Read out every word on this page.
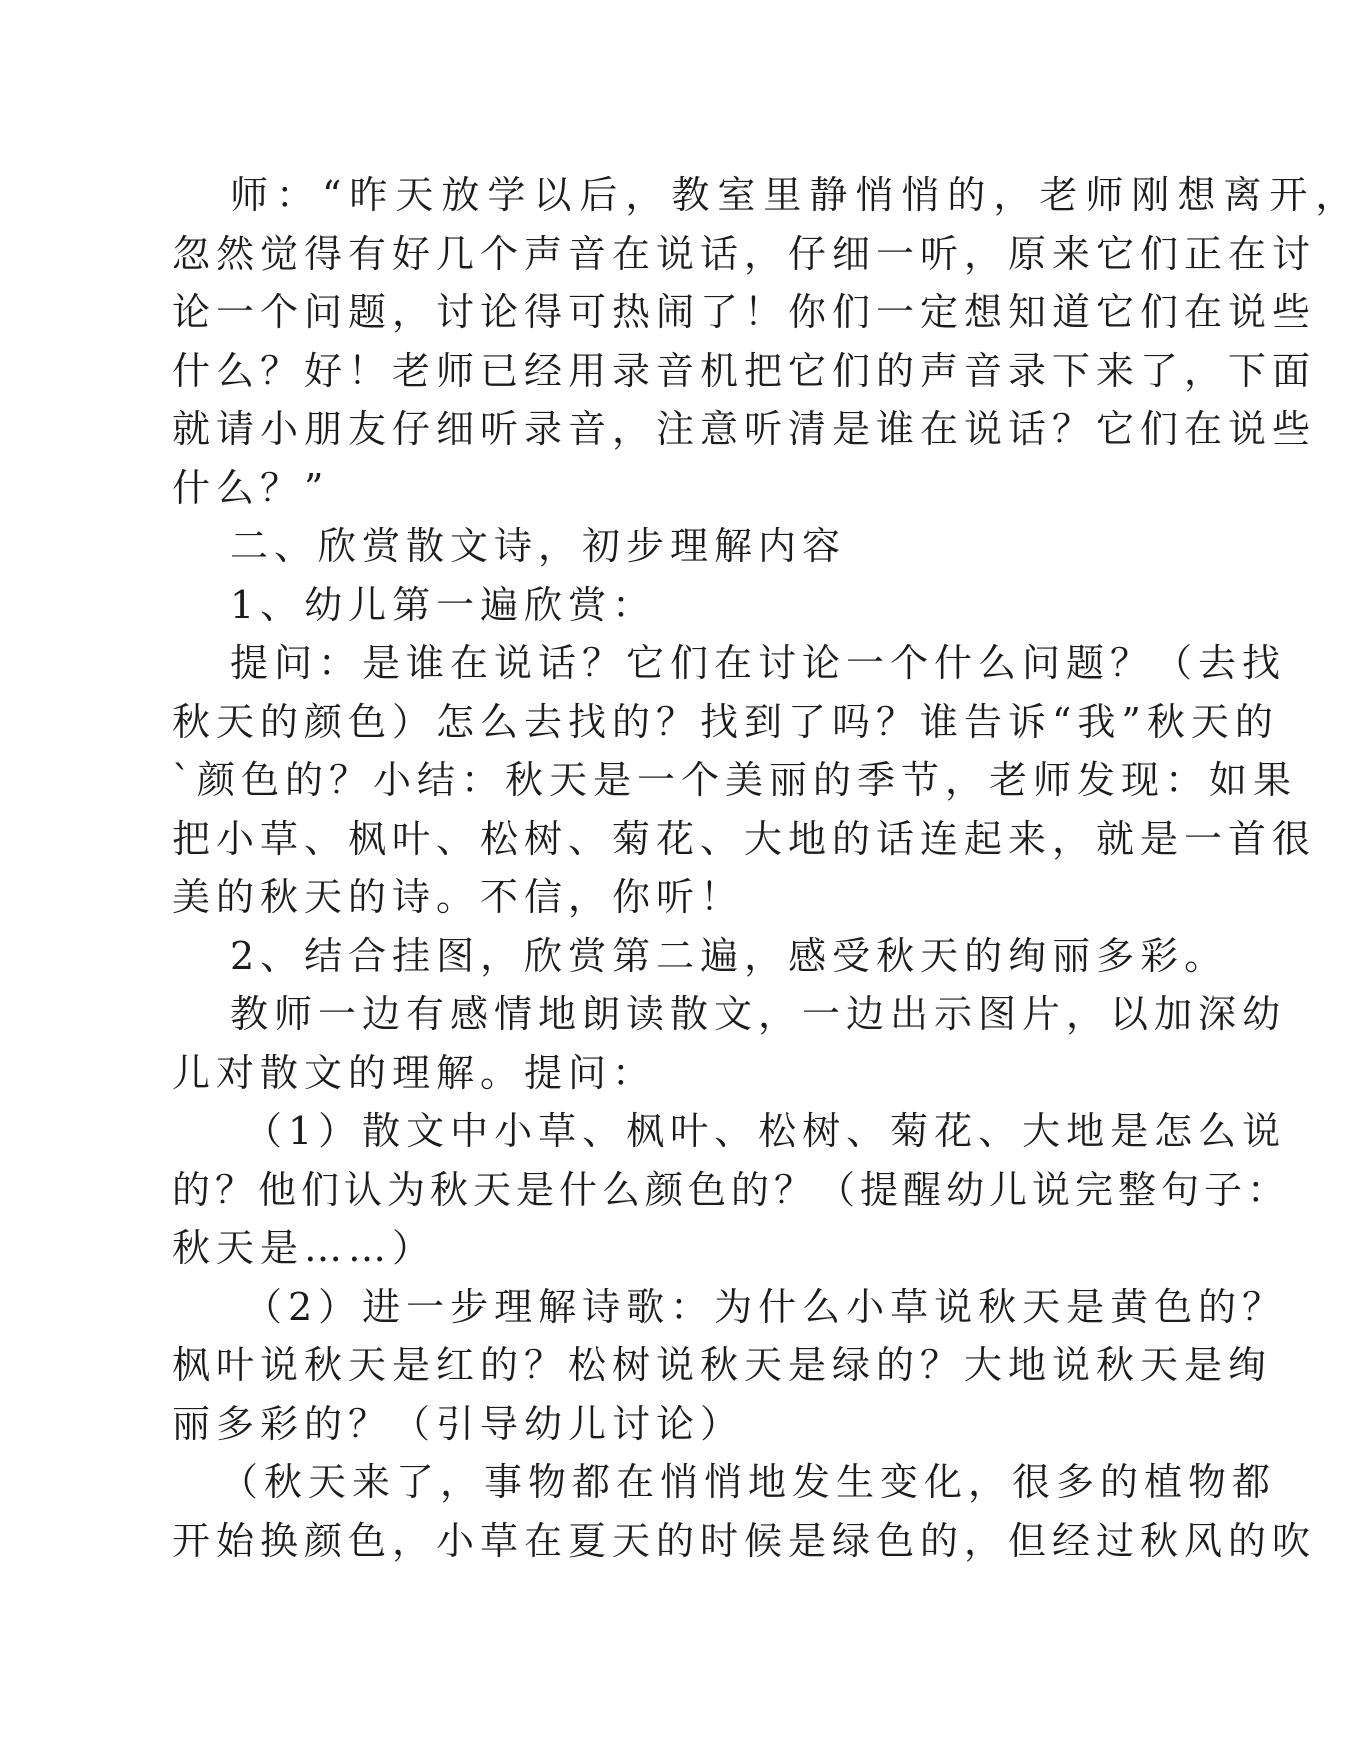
师：“昨天放学以后，教室里静悄悄的，老师刚想离开，

忽然觉得有好几个声音在说话，仔细一听，原来它们正在讨

论一个问题，讨论得可热闹了！你们一定想知道它们在说些

什么？好！老师已经用录音机把它们的声音录下来了，下面

就请小朋友仔细听录音，注意听清是谁在说话？它们在说些

什么？”

二、欣赏散文诗，初步理解内容

1、幼儿第一遍欣赏：

提问：是谁在说话？它们在讨论一个什么问题？（去找

秋天的颜色）怎么去找的？找到了吗？谁告诉“我”秋天的

`颜色的？小结：秋天是一个美丽的季节，老师发现：如果

把小草、枫叶、松树、菊花、大地的话连起来，就是一首很

美的秋天的诗。不信，你听！

2、结合挂图，欣赏第二遍，感受秋天的绚丽多彩。

教师一边有感情地朗读散文，一边出示图片，以加深幼

儿对散文的理解。提问：

（1）散文中小草、枫叶、松树、菊花、大地是怎么说

的？他们认为秋天是什么颜色的？（提醒幼儿说完整句子：

秋天是……）

（2）进一步理解诗歌：为什么小草说秋天是黄色的？

枫叶说秋天是红的？松树说秋天是绿的？大地说秋天是绚

丽多彩的？（引导幼儿讨论）

（秋天来了，事物都在悄悄地发生变化，很多的植物都

开始换颜色，小草在夏天的时候是绿色的，但经过秋风的吹
